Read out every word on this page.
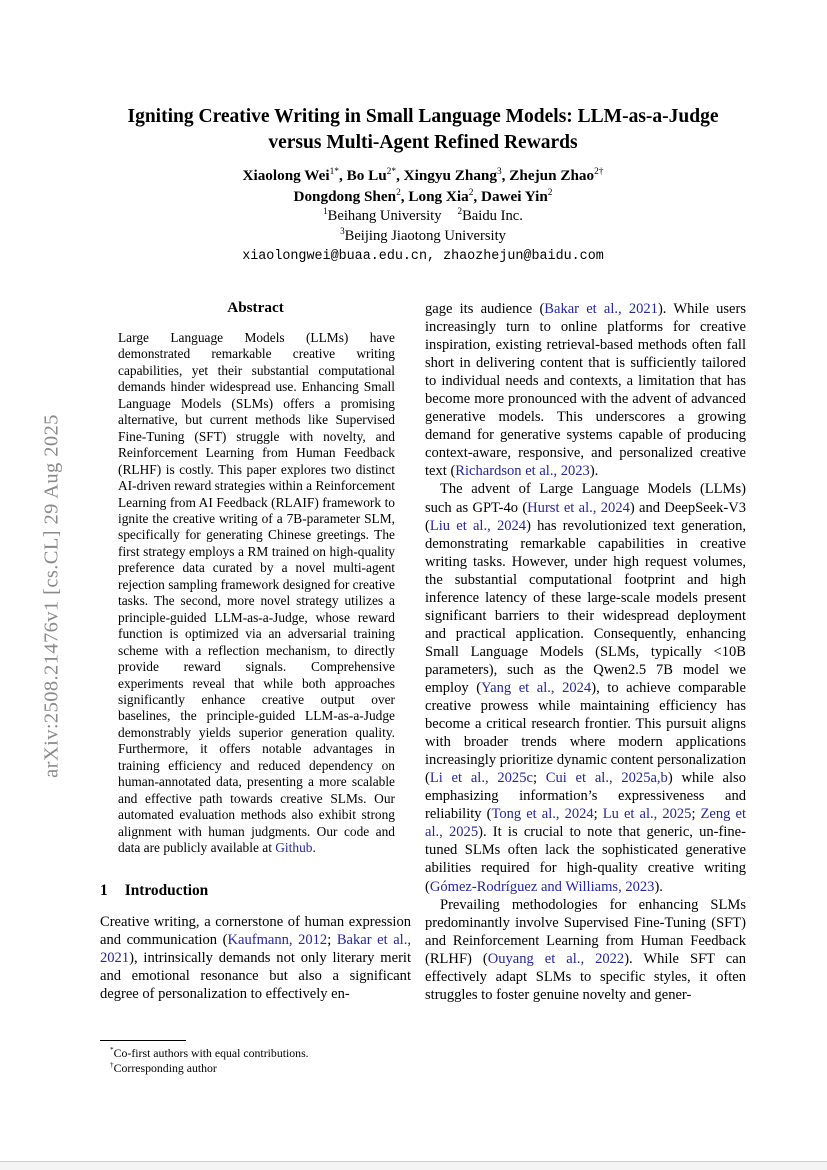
arXiv:2508.21476v1 [cs.CL] 29 Aug 2025
Igniting Creative Writing in Small Language Models: LLM-as-a-Judge versus Multi-Agent Refined Rewards
Xiaolong Wei$^{1*}$, Bo $Lu^{2*}$, Xingyu Zhang$^3$, Zhejun Zhao$^{2\dagger}$
Dongdong Shen$^2$, Long Xia$^2$, Dawei Yin$^2$
$^1$Beihang University $^2$Baidu Inc.
$^3$Beijing Jiaotong University
xiaolongwei@buaa.edu.cn, zhaozhejun@baidu.com
Abstract
Large Language Models (LLMs) have demonstrated remarkable creative writing capabilities, yet their substantial computational demands hinder widespread use. Enhancing Small Language Models (SLMs) offers a promising alternative, but current methods like Supervised Fine-Tuning (SFT) struggle with novelty, and Reinforcement Learning from Human Feedback (RLHF) is costly. This paper explores two distinct AI-driven reward strategies within a Reinforcement Learning from AI Feedback (RLAIF) framework to ignite the creative writing of a 7B-parameter SLM, specifically for generating Chinese greetings. The first strategy employs a RM trained on high-quality preference data curated by a novel multi-agent rejection sampling framework designed for creative tasks. The second, more novel strategy utilizes a principle-guided LLM-as-a-Judge, whose reward function is optimized via an adversarial training scheme with a reflection mechanism, to directly provide reward signals. Comprehensive experiments reveal that while both approaches significantly enhance creative output over baselines, the principle-guided LLM-as-a-Judge demonstrably yields superior generation quality. Furthermore, it offers notable advantages in training efficiency and reduced dependency on human-annotated data, presenting a more scalable and effective path towards creative SLMs. Our automated evaluation methods also exhibit strong alignment with human judgments. Our code and data are publicly available at Github.
1 Introduction

Creative writing, a cornerstone of human expression and communication (Kaufmann, 2012; Bakar et al., 2021), intrinsically demands not only literary merit and emotional resonance but also a significant degree of personalization to effectively en-

gage its audience (Bakar et al., 2021). While users increasingly turn to online platforms for creative inspiration, existing retrieval-based methods often fall short in delivering content that is sufficiently tailored to individual needs and contexts, a limitation that has become more pronounced with the advent of advanced generative models. This underscores a growing demand for generative systems capable of producing context-aware, responsive, and personalized creative text (Richardson et al., 2023).

The advent of Large Language Models (LLMs) such as GPT-4o (Hurst et al., 2024) and DeepSeek-V3 (Liu et al., 2024) has revolutionized text generation, demonstrating remarkable capabilities in creative writing tasks. However, under high request volumes, the substantial computational footprint and high inference latency of these large-scale models present significant barriers to their widespread deployment and practical application. Consequently, enhancing Small Language Models (SLMs, typically <10B parameters), such as the Qwen2.5 7B model we employ (Yang et al., 2024), to achieve comparable creative prowess while maintaining efficiency has become a critical research frontier. This pursuit aligns with broader trends where modern applications increasingly prioritize dynamic content personalization (Li et al., 2025c; Cui et al., 2025a,b) while also emphasizing information’s expressiveness and reliability (Tong et al., 2024; Lu et al., 2025; Zeng et al., 2025). It is crucial to note that generic, un-fine-tuned SLMs often lack the sophisticated generative abilities required for high-quality creative writing (Gómez-Rodríguez and Williams, 2023).

Prevailing methodologies for enhancing SLMs predominantly involve Supervised Fine-Tuning (SFT) and Reinforcement Learning from Human Feedback (RLHF) (Ouyang et al., 2022). While SFT can effectively adapt SLMs to specific styles, it often struggles to foster genuine novelty and gener-

*Co-first authors with equal contributions.
†Corresponding author
